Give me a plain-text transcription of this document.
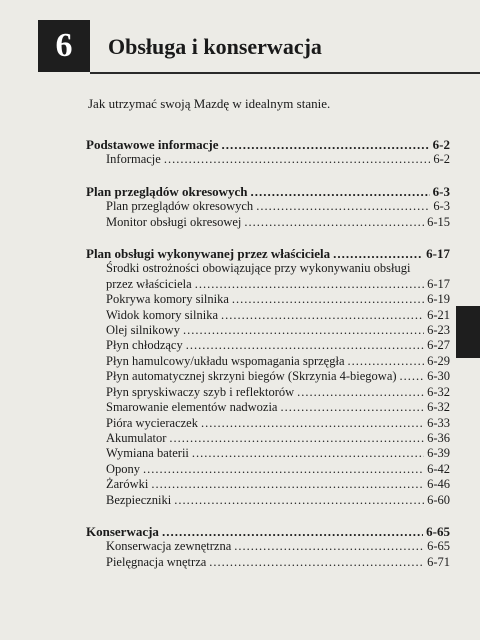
6 Obsługa i konserwacja
Jak utrzymać swoją Mazdę w idealnym stanie.
Podstawowe informacje .....	6-2
Informacje .....	6-2
Plan przeglądów okresowych .....	6-3
Plan przeglądów okresowych .....	6-3
Monitor obsługi okresowej .....	6-15
Plan obsługi wykonywanej przez właściciela .....	6-17
Środki ostrożności obowiązujące przy wykonywaniu obsługi
przez właściciela .....	6-17
Pokrywa komory silnika .....	6-19
Widok komory silnika .....	6-21
Olej silnikowy .....	6-23
Płyn chłodzący .....	6-27
Płyn hamulcowy/układu wspomagania sprzęgła .....	6-29
Płyn automatycznej skrzyni biegów (Skrzynia 4-biegowa) ..... 6-30
Płyn spryskiwaczy szyb i reflektorów .....	6-32
Smarowanie elementów nadwozia .....	6-32
Pióra wycieraczek .....	6-33
Akumulator .....	6-36
Wymiana baterii .....	6-39
Opony .....	6-42
Żarówki .....	6-46
Bezpieczniki .....	6-60
Konserwacja .....	6-65
Konserwacja zewnętrzna .....	6-65
Pielęgnacja wnętrza .....	6-71
